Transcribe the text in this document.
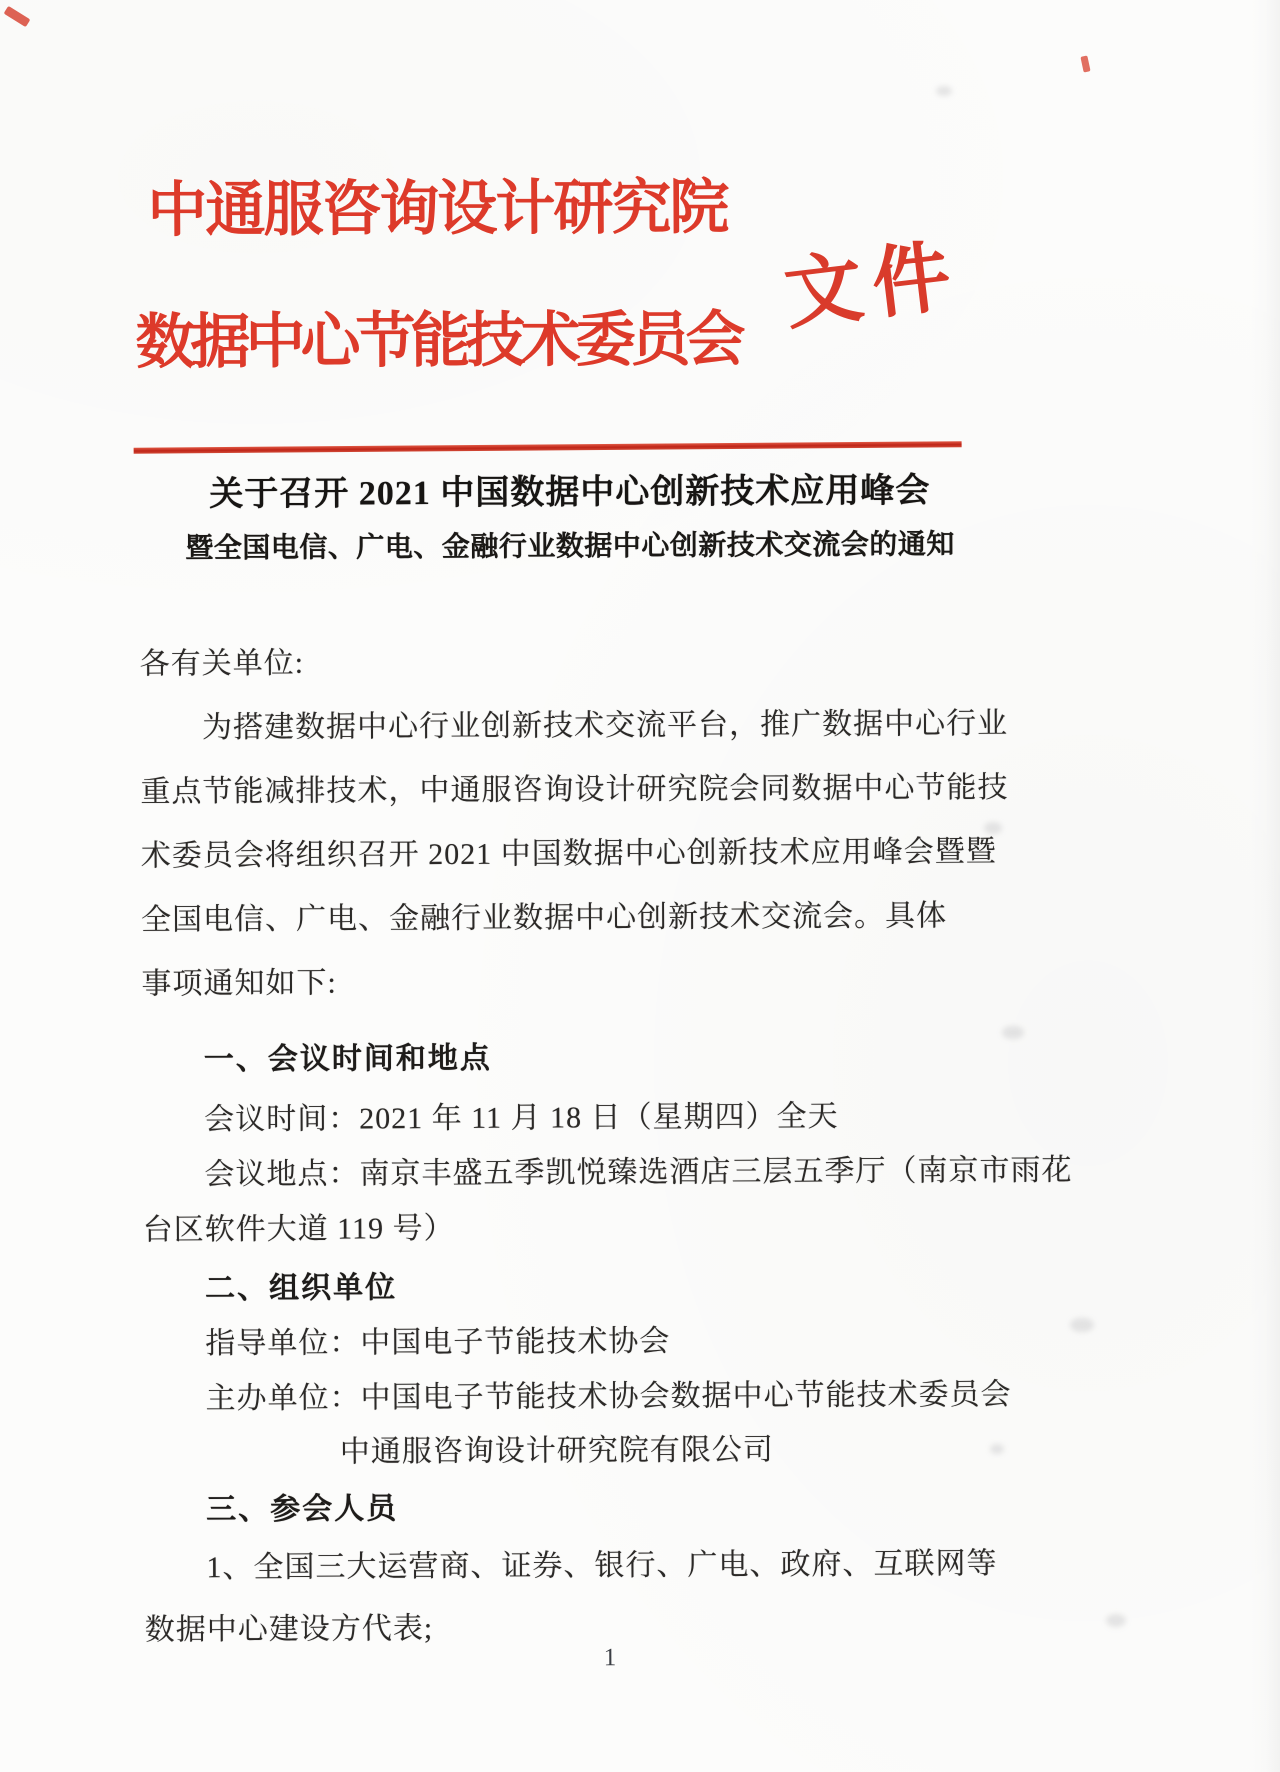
中通服咨询设计研究院
数据中心节能技术委员会
文件
关于召开 2021 中国数据中心创新技术应用峰会
暨全国电信、广电、金融行业数据中心创新技术交流会的通知
各有关单位:
为搭建数据中心行业创新技术交流平台，推广数据中心行业
重点节能减排技术，中通服咨询设计研究院会同数据中心节能技
术委员会将组织召开 2021 中国数据中心创新技术应用峰会暨暨
全国电信、广电、金融行业数据中心创新技术交流会。具体
事项通知如下:
一、会议时间和地点
会议时间：2021 年 11 月 18 日（星期四）全天
会议地点：南京丰盛五季凯悦臻选酒店三层五季厅（南京市雨花
台区软件大道 119 号）
二、组织单位
指导单位：中国电子节能技术协会
主办单位：中国电子节能技术协会数据中心节能技术委员会
中通服咨询设计研究院有限公司
三、参会人员
1、全国三大运营商、证券、银行、广电、政府、互联网等
数据中心建设方代表;
1
